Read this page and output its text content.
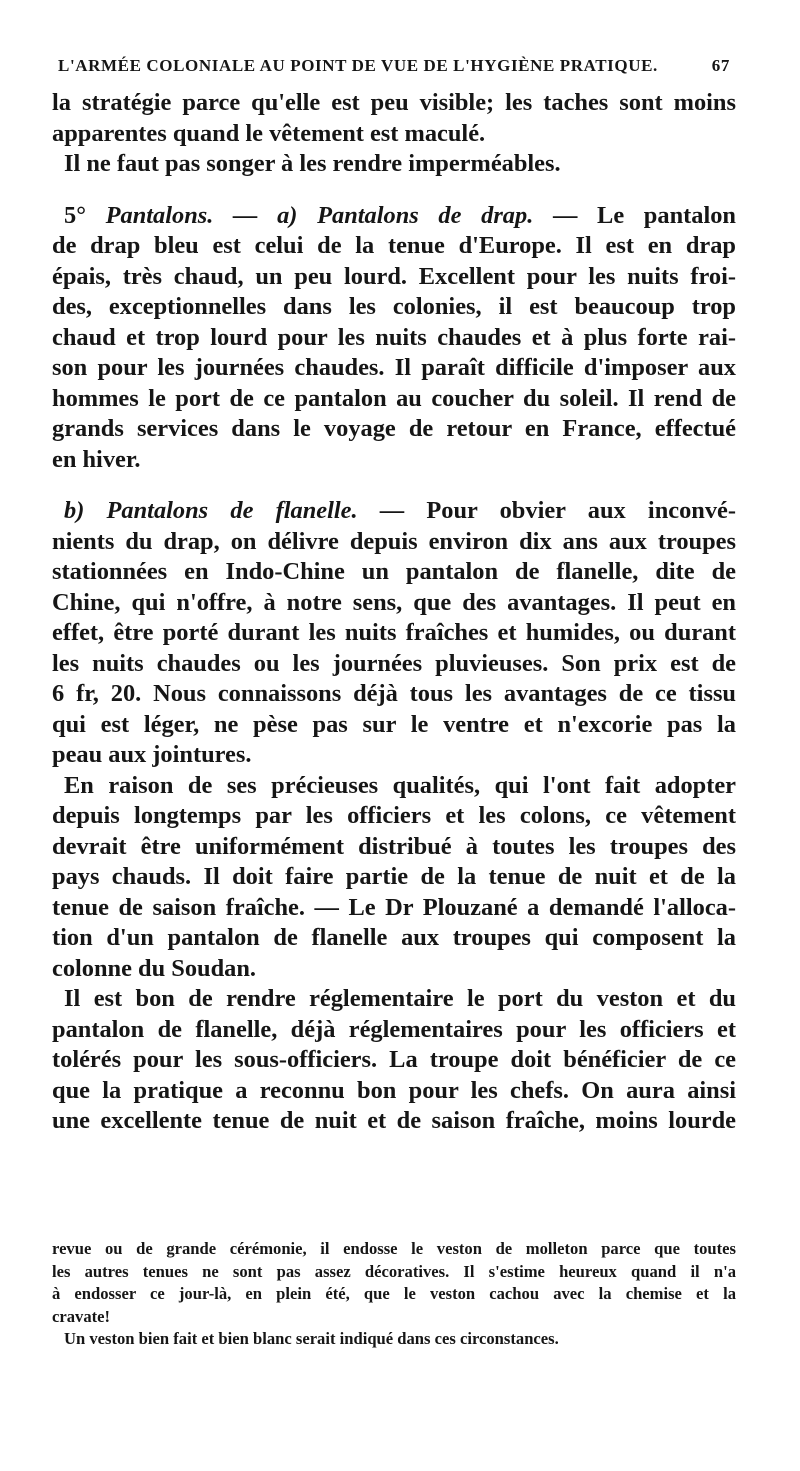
L'ARMÉE COLONIALE AU POINT DE VUE DE L'HYGIÈNE PRATIQUE.	67

la stratégie parce qu'elle est peu visible; les taches sont moins
apparentes quand le vêtement est maculé.
Il ne faut pas songer à les rendre imperméables.

5° Pantalons. — a) Pantalons de drap. — Le pantalon
de drap bleu est celui de la tenue d'Europe. Il est en drap
épais, très chaud, un peu lourd. Excellent pour les nuits froi-
des, exceptionnelles dans les colonies, il est beaucoup trop
chaud et trop lourd pour les nuits chaudes et à plus forte rai-
son pour les journées chaudes. Il paraît difficile d'imposer aux
hommes le port de ce pantalon au coucher du soleil. Il rend de
grands services dans le voyage de retour en France, effectué
en hiver.

b) Pantalons de flanelle. — Pour obvier aux inconvé-
nients du drap, on délivre depuis environ dix ans aux troupes
stationnées en Indo-Chine un pantalon de flanelle, dite de
Chine, qui n'offre, à notre sens, que des avantages. Il peut en
effet, être porté durant les nuits fraîches et humides, ou durant
les nuits chaudes ou les journées pluvieuses. Son prix est de
6 fr, 20. Nous connaissons déjà tous les avantages de ce tissu
qui est léger, ne pèse pas sur le ventre et n'excorie pas la
peau aux jointures.

En raison de ses précieuses qualités, qui l'ont fait adopter
depuis longtemps par les officiers et les colons, ce vêtement
devrait être uniformément distribué à toutes les troupes des
pays chauds. Il doit faire partie de la tenue de nuit et de la
tenue de saison fraîche. — Le Dr Plouzané a demandé l'alloca-
tion d'un pantalon de flanelle aux troupes qui composent la
colonne du Soudan.

Il est bon de rendre réglementaire le port du veston et du
pantalon de flanelle, déjà réglementaires pour les officiers et
tolérés pour les sous-officiers. La troupe doit bénéficier de ce
que la pratique a reconnu bon pour les chefs. On aura ainsi
une excellente tenue de nuit et de saison fraîche, moins lourde

revue ou de grande cérémonie, il endosse le veston de molleton parce que toutes
les autres tenues ne sont pas assez décoratives. Il s'estime heureux quand il n'a
à endosser ce jour-là, en plein été, que le veston cachou avec la chemise et la
cravate!
Un veston bien fait et bien blanc serait indiqué dans ces circonstances.
